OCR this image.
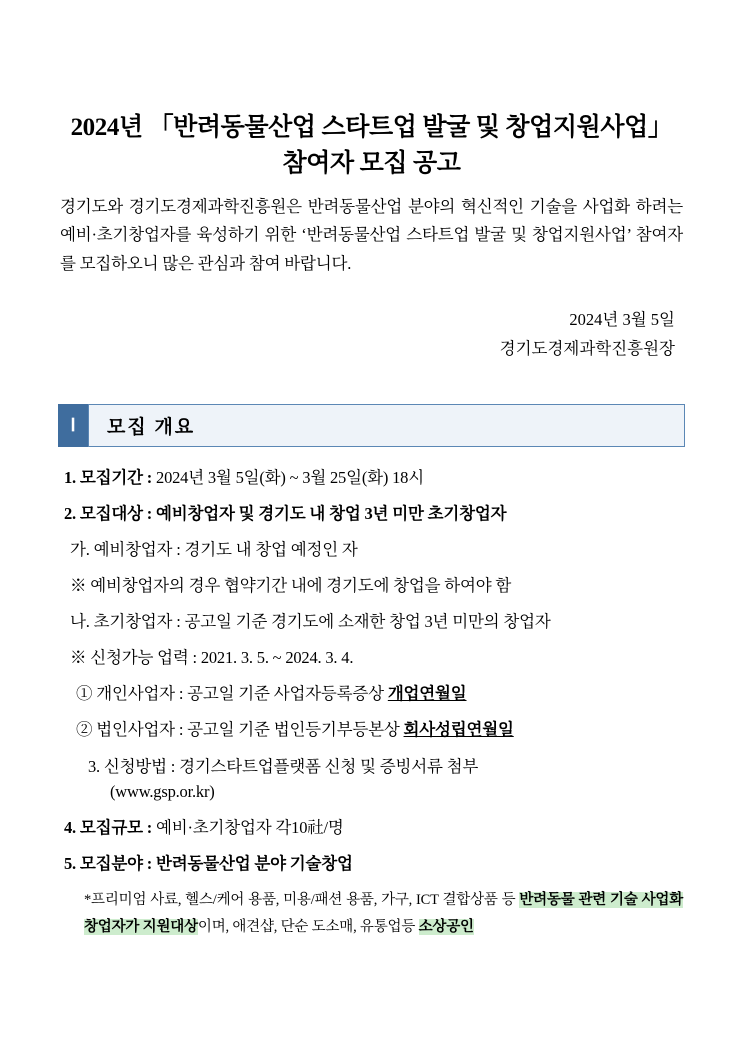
2024년 「반려동물산업 스타트업 발굴 및 창업지원사업」 참여자 모집 공고

경기도와 경기도경제과학진흥원은 반려동물산업 분야의 혁신적인 기술을 사업화 하려는 예비·초기창업자를 육성하기 위한 ‘반려동물산업 스타트업 발굴 및 창업지원사업’ 참여자를 모집하오니 많은 관심과 참여 바랍니다.

2024년 3월 5일
경기도경제과학진흥원장
Ⅰ	모집 개요
1. 모집기간 : 2024년 3월 5일(화) ~ 3월 25일(화) 18시
2. 모집대상 : 예비창업자 및 경기도 내 창업 3년 미만 초기창업자
가. 예비창업자 : 경기도 내 창업 예정인 자
※ 예비창업자의 경우 협약기간 내에 경기도에 창업을 하여야 함
나. 초기창업자 : 공고일 기준 경기도에 소재한 창업 3년 미만의 창업자
※ 신청가능 업력 : 2021. 3. 5. ~ 2024. 3. 4.
① 개인사업자 : 공고일 기준 사업자등록증상 개업연월일
② 법인사업자 : 공고일 기준 법인등기부등본상 회사성립연월일
3. 신청방법 : 경기스타트업플랫폼 신청 및 증빙서류 첨부
(www.gsp.or.kr)
4. 모집규모 : 예비·초기창업자 각10社/명
5. 모집분야 : 반려동물산업 분야 기술창업
*프리미엄 사료, 헬스/케어 용품, 미용/패션 용품, 가구, ICT 결합상품 등 반려동물 관련 기술 사업화 창업자가 지원대상이며, 애견샵, 단순 도소매, 유통업등 소상공인
